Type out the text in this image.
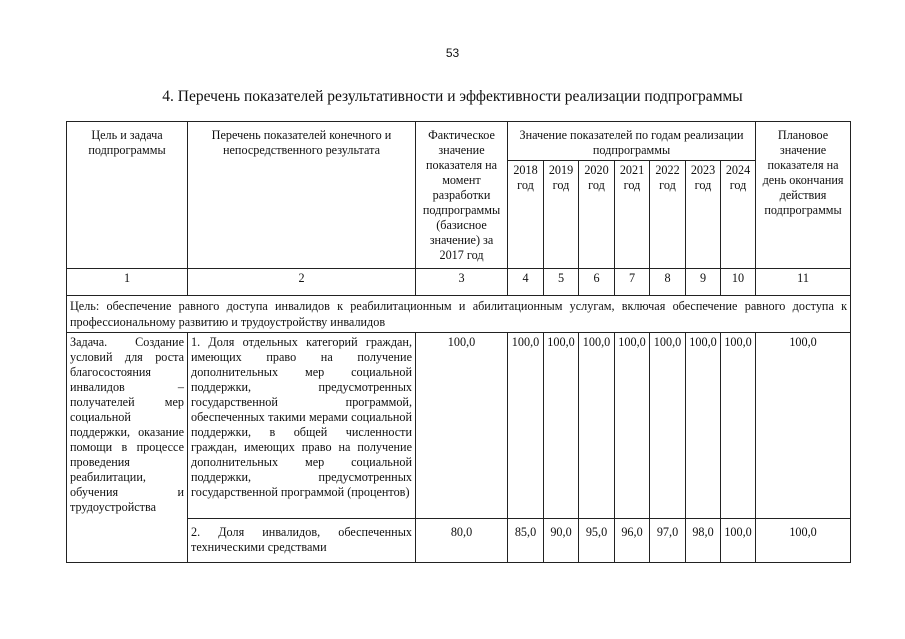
53
4. Перечень показателей результативности и эффективности реализации подпрограммы
Цель и задача подпрограммы	Перечень показателей конечного и непосредственного результата	Фактическое значение показателя на момент разработки подпрограммы (базисное значение) за 2017 год	Значение показателей по годам реализации подпрограммы							Плановое значение показателя на день окончания действия подпрограммы
			2018 год	2019 год	2020 год	2021 год	2022 год	2023 год	2024 год	
1	2	3	4	5	6	7	8	9	10	11
Цель: обеспечение равного доступа инвалидов к реабилитационным и абилитационным услугам, включая обеспечение равного доступа к профессиональному развитию и трудоустройству инвалидов										
Задача. Создание условий для роста благосостояния инвалидов – получателей мер социальной поддержки, оказание помощи в процессе проведения реабилитации, обучения и трудоустройства	1. Доля отдельных категорий граждан, имеющих право на получение дополнительных мер социальной поддержки, предусмотренных государственной программой, обеспеченных такими мерами социальной поддержки, в общей численности граждан, имеющих право на получение дополнительных мер социальной поддержки, предусмотренных государственной программой (процентов)	100,0	100,0	100,0	100,0	100,0	100,0	100,0	100,0	100,0
	2. Доля инвалидов, обеспеченных техническими средствами	80,0	85,0	90,0	95,0	96,0	97,0	98,0	100,0	100,0
